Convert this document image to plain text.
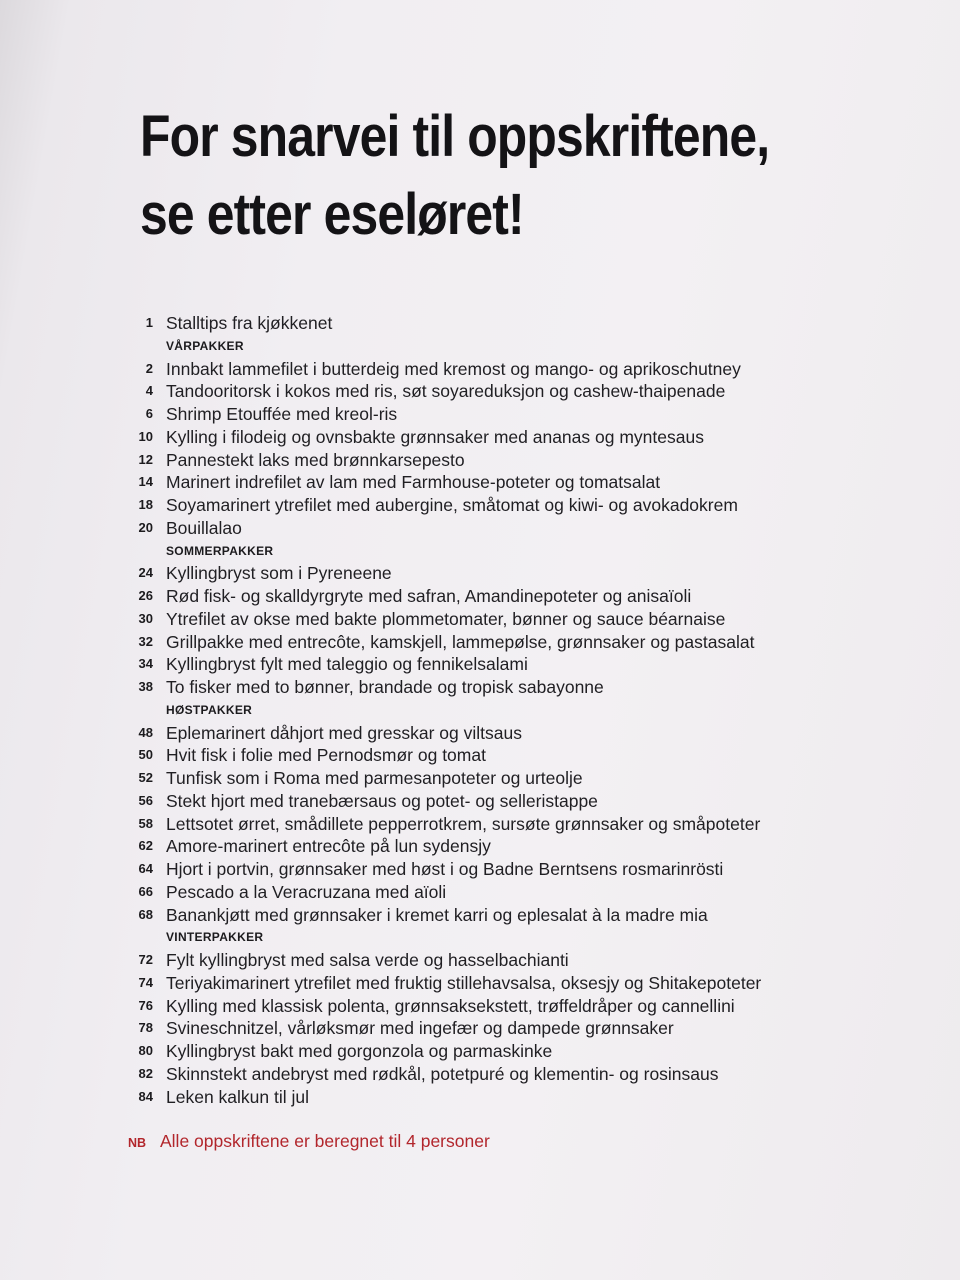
For snarvei til oppskriftene,
se etter eseløret!
1 Stalltips fra kjøkkenet
VÅRPAKKER
2 Innbakt lammefilet i butterdeig med kremost og mango- og aprikoschutney
4 Tandooritorsk i kokos med ris, søt soyareduksjon og cashew-thaipenade
6 Shrimp Etouffée med kreol-ris
10 Kylling i filodeig og ovnsbakte grønnsaker med ananas og myntesaus
12 Pannestekt laks med brønnkarsepesto
14 Marinert indrefilet av lam med Farmhouse-poteter og tomatsalat
18 Soyamarinert ytrefilet med aubergine, småtomat og kiwi- og avokadokrem
20 Bouillalao
SOMMERPAKKER
24 Kyllingbryst som i Pyreneene
26 Rød fisk- og skalldyrgryte med safran, Amandinepoteter og anisaïoli
30 Ytrefilet av okse med bakte plommetomater, bønner og sauce béarnaise
32 Grillpakke med entrecôte, kamskjell, lammepølse, grønnsaker og pastasalat
34 Kyllingbryst fylt med taleggio og fennikelsalami
38 To fisker med to bønner, brandade og tropisk sabayonne
HØSTPAKKER
48 Eplemarinert dåhjort med gresskar og viltsaus
50 Hvit fisk i folie med Pernodsmør og tomat
52 Tunfisk som i Roma med parmesanpoteter og urteolje
56 Stekt hjort med tranebærsaus og potet- og selleristappe
58 Lettsotet ørret, smådillete pepperrotkrem, sursøte grønnsaker og småpoteter
62 Amore-marinert entrecôte på lun sydensjy
64 Hjort i portvin, grønnsaker med høst i og Badne Berntsens rosmarinrösti
66 Pescado a la Veracruzana med aïoli
68 Banankjøtt med grønnsaker i kremet karri og eplesalat à la madre mia
VINTERPAKKER
72 Fylt kyllingbryst med salsa verde og hasselbachianti
74 Teriyakimarinert ytrefilet med fruktig stillehavsalsa, oksesjy og Shitakepoteter
76 Kylling med klassisk polenta, grønnsaksekstett, trøffeldråper og cannellini
78 Svineschnitzel, vårløksmør med ingefær og dampede grønnsaker
80 Kyllingbryst bakt med gorgonzola og parmaskinke
82 Skinnstekt andebryst med rødkål, potetpuré og klementin- og rosinsaus
84 Leken kalkun til jul
NB Alle oppskriftene er beregnet til 4 personer
